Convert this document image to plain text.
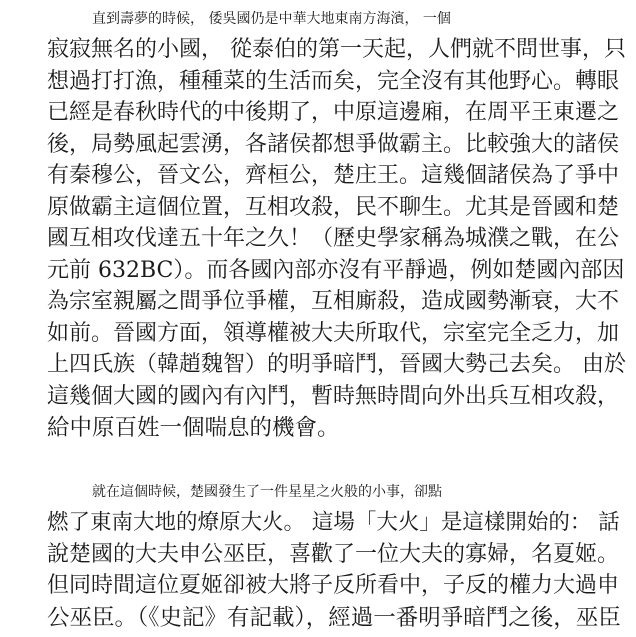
直到壽夢的時候， 倭吳國仍是中華大地東南方海濱， 一個
寂寂無名的小國， 從泰伯的第一天起，人們就不問世事，只
想過打打漁，種種菜的生活而矣，完全沒有其他野心。轉眼
已經是春秋時代的中後期了，中原這邊廂，在周平王東遷之
後，局勢風起雲湧，各諸侯都想爭做霸主。比較強大的諸侯
有秦穆公，晉文公，齊桓公，楚庄王。這幾個諸侯為了爭中
原做霸主這個位置，互相攻殺，民不聊生。尤其是晉國和楚
國互相攻伐達五十年之久！（歷史學家稱為城濮之戰，在公
元前 632BC）。而各國內部亦沒有平靜過，例如楚國內部因
為宗室親屬之間爭位爭權，互相廝殺，造成國勢漸衰，大不
如前。晉國方面，領導權被大夫所取代，宗室完全乏力，加
上四氏族（韓趙魏智）的明爭暗鬥，晉國大勢己去矣。 由於
這幾個大國的國內有內鬥，暫時無時間向外出兵互相攻殺，
給中原百姓一個喘息的機會。
就在這個時候，楚國發生了一件星星之火般的小事，卻點
燃了東南大地的燎原大火。 這場「大火」是這樣開始的： 話
說楚國的大夫申公巫臣，喜歡了一位大夫的寡婦，名夏姬。
但同時間這位夏姬卻被大將子反所看中，子反的權力大過申
公巫臣。（《史記》有記載），經過一番明爭暗鬥之後，巫臣
